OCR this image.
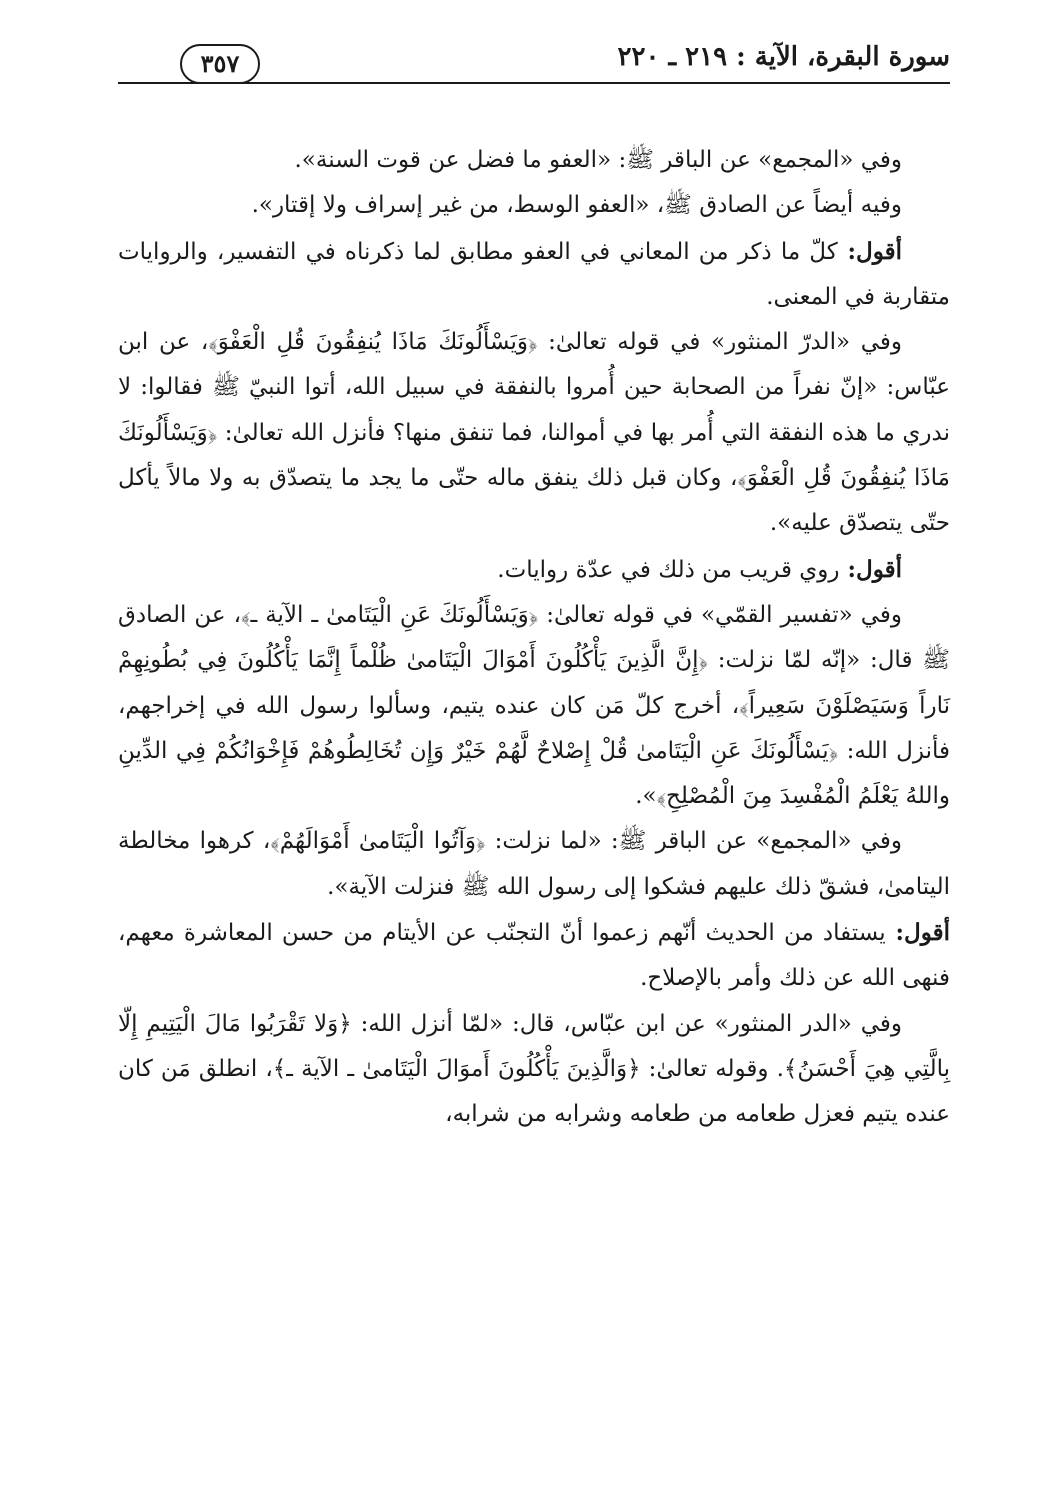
سورة البقرة، الآية : ٢١٩ ـ ٢٢٠
٣٥٧

وفي «المجمع» عن الباقر ﷺ: «العفو ما فضل عن قوت السنة».

وفيه أيضاً عن الصادق ﷺ، «العفو الوسط، من غير إسراف ولا إقتار».

أقول: كلّ ما ذكر من المعاني في العفو مطابق لما ذكرناه في التفسير، والروايات متقاربة في المعنى.

وفي «الدرّ المنثور» في قوله تعالىٰ: ﴿وَيَسْأَلُونَكَ مَاذَا يُنفِقُونَ قُلِ الْعَفْوَ﴾، عن ابن عبّاس: «إنّ نفراً من الصحابة حين أُمروا بالنفقة في سبيل الله، أتوا النبيّ ﷺ فقالوا: لا ندري ما هذه النفقة التي أُمر بها في أموالنا، فما تنفق منها؟ فأنزل الله تعالىٰ: ﴿وَيَسْأَلُونَكَ مَاذَا يُنفِقُونَ قُلِ الْعَفْوَ﴾، وكان قبل ذلك ينفق ماله حتّى ما يجد ما يتصدّق به ولا مالاً يأكل حتّى يتصدّق عليه».

أقول: روي قريب من ذلك في عدّة روايات.

وفي «تفسير القمّي» في قوله تعالىٰ: ﴿وَيَسْأَلُونَكَ عَنِ الْيَتَامىٰ ـ الآية ـ﴾، عن الصادق ﷺ قال: «إنّه لمّا نزلت: ﴿إِنَّ الَّذِينَ يَأْكُلُونَ أَمْوَالَ الْيَتَامىٰ ظُلْماً إِنَّمَا يَأْكُلُونَ فِي بُطُونِهِمْ نَاراً وَسَيَصْلَوْنَ سَعِيراً﴾، أخرج كلّ مَن كان عنده يتيم، وسألوا رسول الله في إخراجهم، فأنزل الله: ﴿يَسْأَلُونَكَ عَنِ الْيَتَامىٰ قُلْ إِصْلاحٌ لَّهُمْ خَيْرٌ وَإِن تُخَالِطُوهُمْ فَإِخْوَانُكُمْ فِي الدِّينِ واللهُ يَعْلَمُ الْمُفْسِدَ مِنَ الْمُصْلِحِ﴾».

وفي «المجمع» عن الباقر ﷺ: «لما نزلت: ﴿وَآتُوا الْيَتَامىٰ أَمْوَالَهُمْ﴾، كرهوا مخالطة اليتامىٰ، فشقّ ذلك عليهم فشكوا إلى رسول الله ﷺ فنزلت الآية».

أقول: يستفاد من الحديث أنّهم زعموا أنّ التجنّب عن الأيتام من حسن المعاشرة معهم، فنهى الله عن ذلك وأمر بالإصلاح.

وفي «الدر المنثور» عن ابن عبّاس، قال: «لمّا أنزل الله: ﴿وَلا تَقْرَبُوا مَالَ الْيَتِيمِ إِلّا بِالَّتِي هِيَ أَحْسَنُ﴾. وقوله تعالىٰ: ﴿وَالَّذِينَ يَأْكُلُونَ أَموَالَ الْيَتَامىٰ ـ الآية ـ﴾، انطلق مَن كان عنده يتيم فعزل طعامه من طعامه وشرابه من شرابه،
